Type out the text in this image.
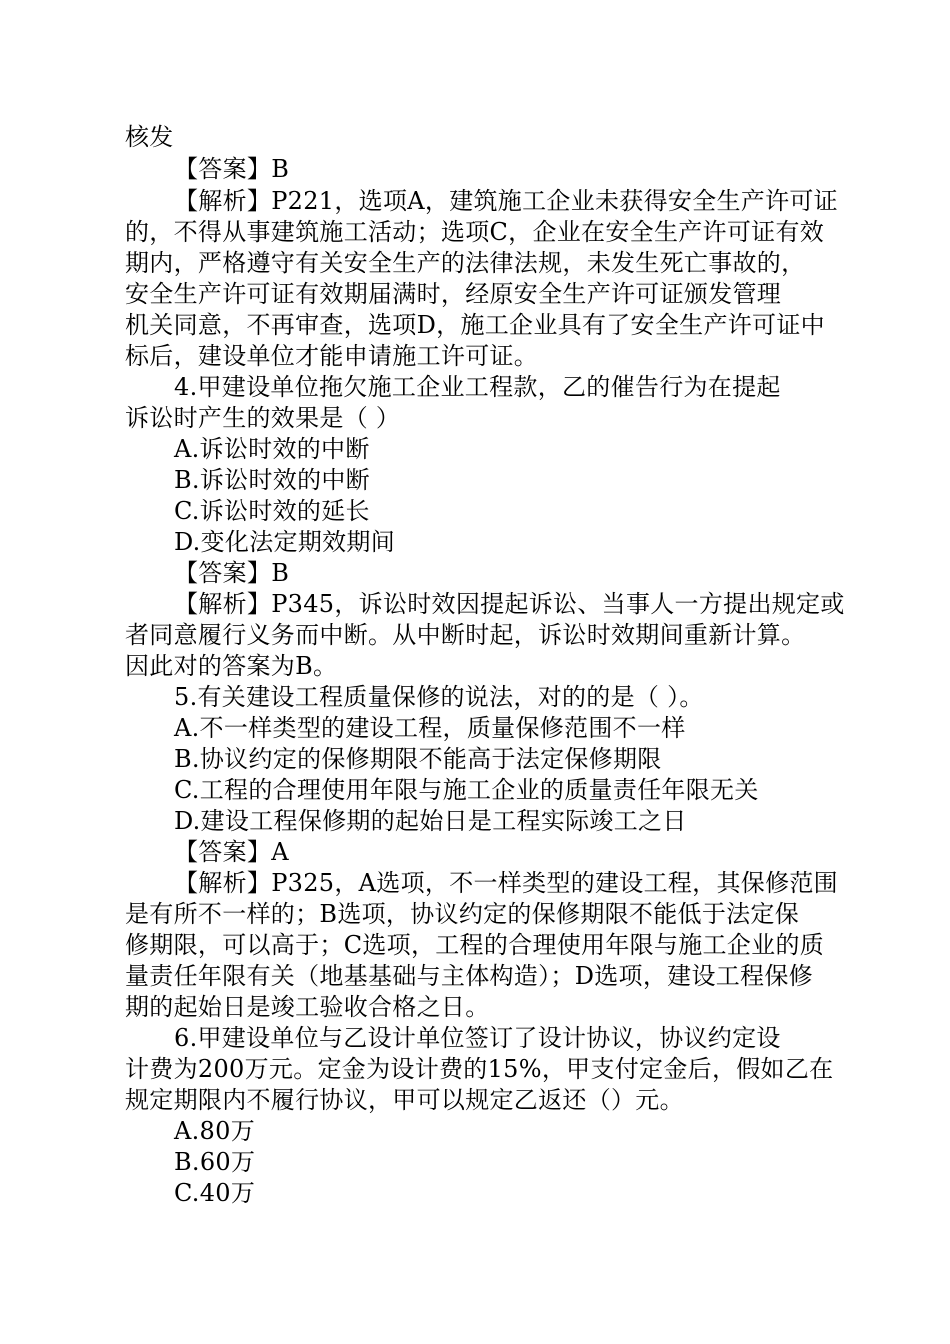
核发
【答案】B
【解析】P221，选项A，建筑施工企业未获得安全生产许可证
的，不得从事建筑施工活动；选项C，企业在安全生产许可证有效
期内，严格遵守有关安全生产的法律法规，未发生死亡事故的，
安全生产许可证有效期届满时，经原安全生产许可证颁发管理
机关同意，不再审查，选项D，施工企业具有了安全生产许可证中
标后，建设单位才能申请施工许可证。
4.甲建设单位拖欠施工企业工程款，乙的催告行为在提起
诉讼时产生的效果是（ ）
A.诉讼时效的中断
B.诉讼时效的中断
C.诉讼时效的延长
D.变化法定期效期间
【答案】B
【解析】P345，诉讼时效因提起诉讼、当事人一方提出规定或
者同意履行义务而中断。从中断时起，诉讼时效期间重新计算。
因此对的答案为B。
5.有关建设工程质量保修的说法，对的的是（ ）。
A.不一样类型的建设工程，质量保修范围不一样
B.协议约定的保修期限不能高于法定保修期限
C.工程的合理使用年限与施工企业的质量责任年限无关
D.建设工程保修期的起始日是工程实际竣工之日
【答案】A
【解析】P325，A选项，不一样类型的建设工程，其保修范围
是有所不一样的；B选项，协议约定的保修期限不能低于法定保
修期限，可以高于；C选项，工程的合理使用年限与施工企业的质
量责任年限有关（地基基础与主体构造）；D选项，建设工程保修
期的起始日是竣工验收合格之日。
6.甲建设单位与乙设计单位签订了设计协议，协议约定设
计费为200万元。定金为设计费的15%，甲支付定金后，假如乙在
规定期限内不履行协议，甲可以规定乙返还（）元。
A.80万
B.60万
C.40万
